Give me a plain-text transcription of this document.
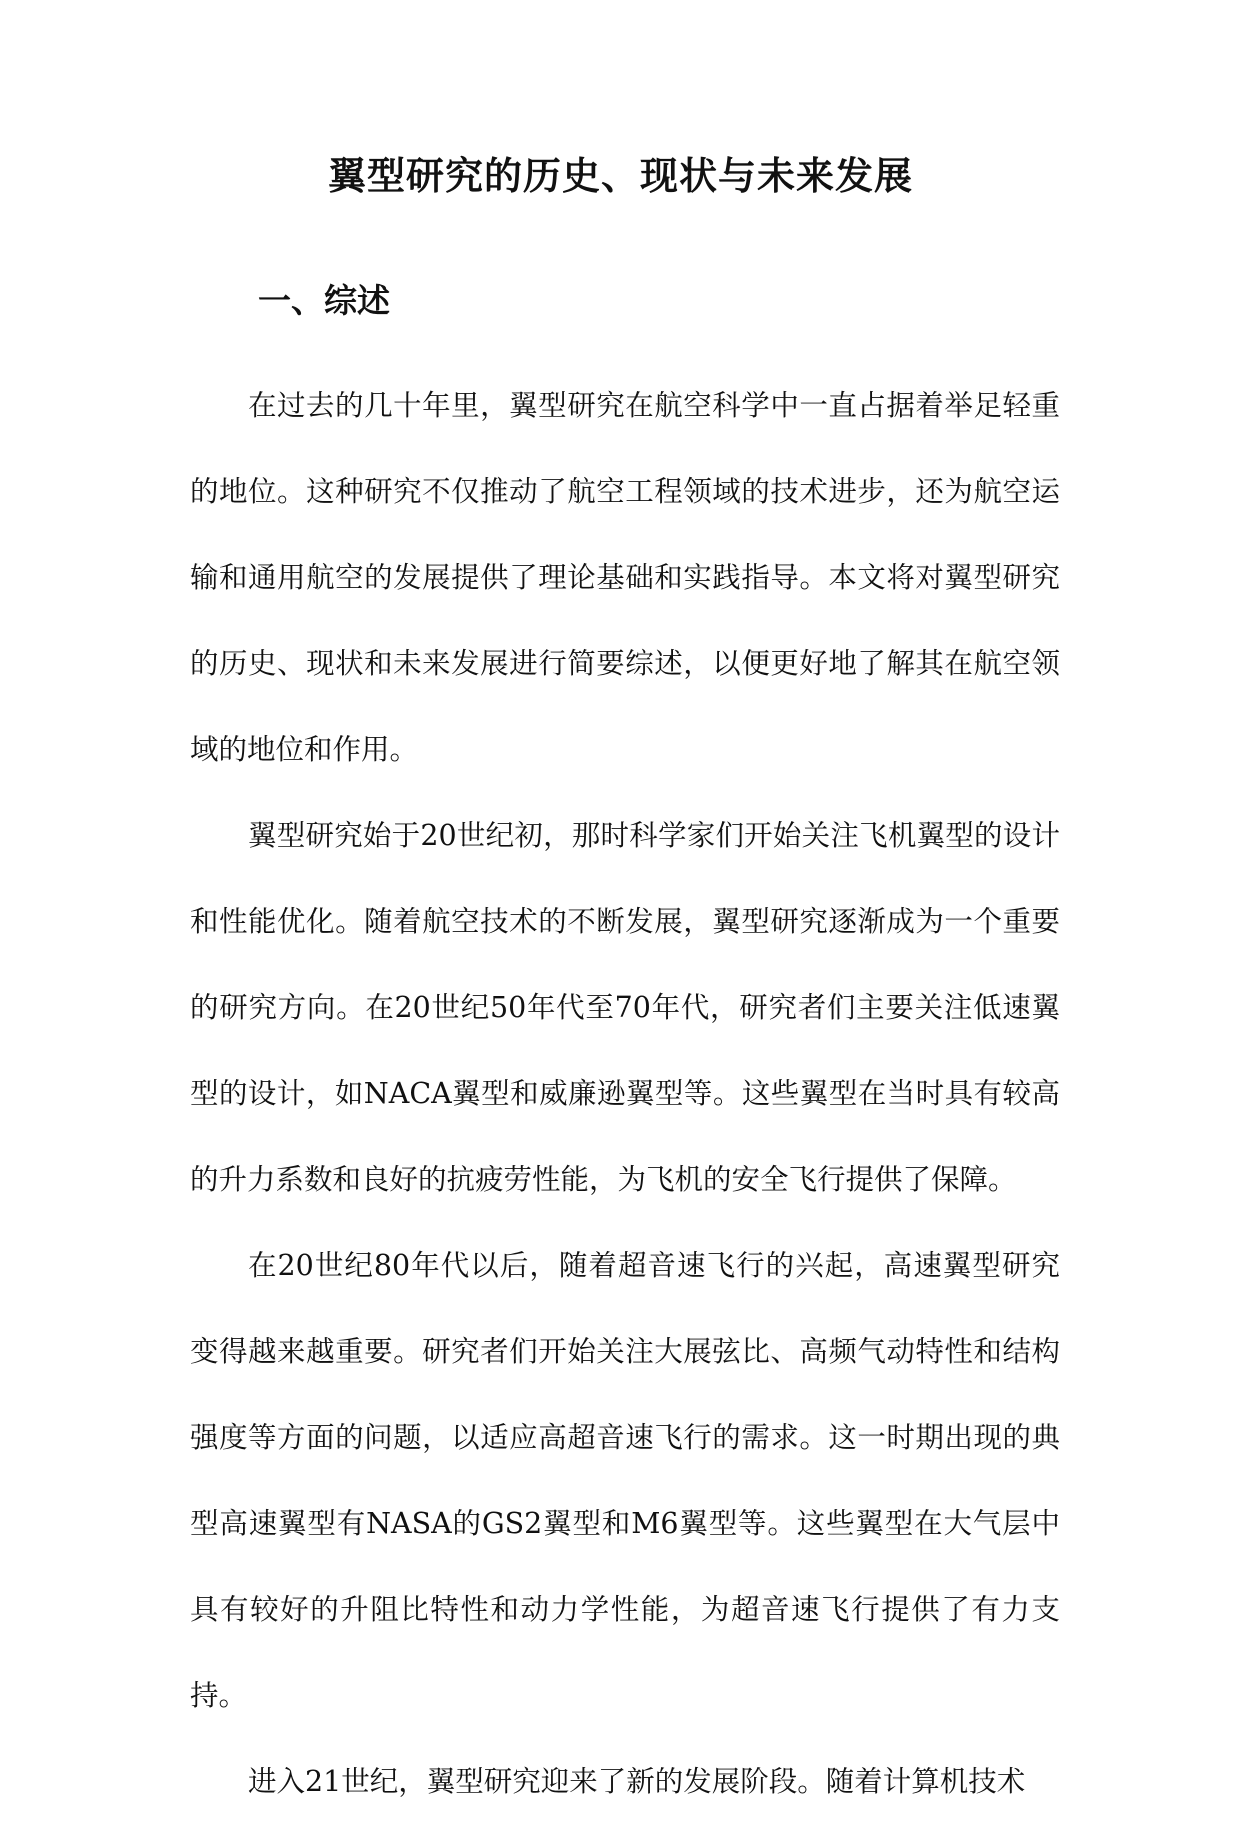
翼型研究的历史、现状与未来发展
一、综述

在过去的几十年里，翼型研究在航空科学中一直占据着举足轻重的地位。这种研究不仅推动了航空工程领域的技术进步，还为航空运输和通用航空的发展提供了理论基础和实践指导。本文将对翼型研究的历史、现状和未来发展进行简要综述，以便更好地了解其在航空领域的地位和作用。

翼型研究始于20世纪初，那时科学家们开始关注飞机翼型的设计和性能优化。随着航空技术的不断发展，翼型研究逐渐成为一个重要的研究方向。在20世纪50年代至70年代，研究者们主要关注低速翼型的设计，如NACA翼型和威廉逊翼型等。这些翼型在当时具有较高的升力系数和良好的抗疲劳性能，为飞机的安全飞行提供了保障。

在20世纪80年代以后，随着超音速飞行的兴起，高速翼型研究变得越来越重要。研究者们开始关注大展弦比、高频气动特性和结构强度等方面的问题，以适应高超音速飞行的需求。这一时期出现的典型高速翼型有NASA的GS2翼型和M6翼型等。这些翼型在大气层中具有较好的升阻比特性和动力学性能，为超音速飞行提供了有力支持。

进入21世纪，翼型研究迎来了新的发展阶段。随着计算机技术
